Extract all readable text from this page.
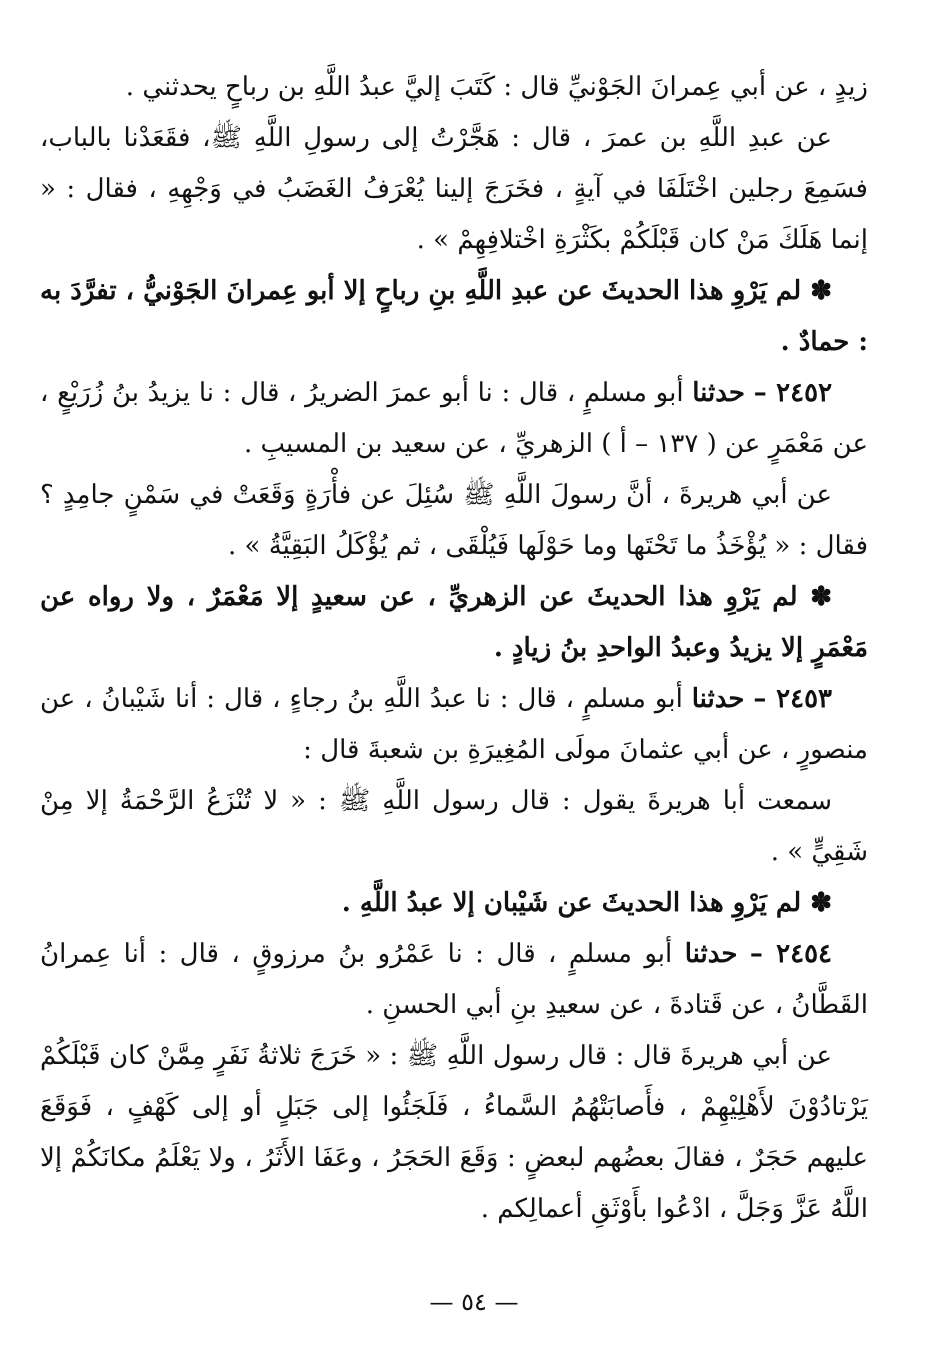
زيدٍ ، عن أبي عِمرانَ الجَوْنيِّ قال : كَتَبَ إليَّ عبدُ اللَّهِ بن رباحٍ يحدثني .

عن عبدِ اللَّهِ بن عمرَ ، قال : هَجَّرْتُ إلى رسولِ اللَّهِ ﷺ، فقَعَدْنا بالباب، فسَمِعَ رجلين اخْتَلَفَا في آيةٍ ، فخَرَجَ إلينا يُعْرَفُ الغَضَبُ في وَجْهِهِ ، فقال : « إنما هَلَكَ مَنْ كان قَبْلَكُمْ بكَثْرَةِ اخْتلافِهِمْ » .

✽ لم يَرْوِ هذا الحديثَ عن عبدِ اللَّهِ بنِ رباحٍ إلا أبو عِمرانَ الجَوْنيُّ ، تفرَّدَ به : حمادٌ .

٢٤٥٢ – حدثنا أبو مسلمٍ ، قال : نا أبو عمرَ الضريرُ ، قال : نا يزيدُ بنُ زُرَيْعٍ ، عن مَعْمَرٍ عن ( ١٣٧ – أ ) الزهريِّ ، عن سعيد بن المسيبِ .

عن أبي هريرةَ ، أنَّ رسولَ اللَّهِ ﷺ سُئِلَ عن فأْرَةٍ وَقَعَتْ في سَمْنٍ جامِدٍ ؟ فقال : « يُؤْخَذُ ما تَحْتَها وما حَوْلَها فَيُلْقَى ، ثم يُؤْكَلُ البَقِيَّةُ » .

✽ لم يَرْوِ هذا الحديثَ عن الزهريِّ ، عن سعيدٍ إلا مَعْمَرٌ ، ولا رواه عن مَعْمَرٍ إلا يزيدُ وعبدُ الواحدِ بنُ زيادٍ .

٢٤٥٣ – حدثنا أبو مسلمٍ ، قال : نا عبدُ اللَّهِ بنُ رجاءٍ ، قال : أنا شَيْبانُ ، عن منصورٍ ، عن أبي عثمانَ مولَى المُغِيرَةِ بن شعبةَ قال :

سمعت أبا هريرةَ يقول : قال رسول اللَّهِ ﷺ : « لا تُنْزَعُ الرَّحْمَةُ إلا مِنْ شَقِيٍّ » .

✽ لم يَرْوِ هذا الحديثَ عن شَيْبان إلا عبدُ اللَّهِ .

٢٤٥٤ – حدثنا أبو مسلمٍ ، قال : نا عَمْرُو بنُ مرزوقٍ ، قال : أنا عِمرانُ القَطَّانُ ، عن قَتادةَ ، عن سعيدِ بنِ أبي الحسنِ .

عن أبي هريرةَ قال : قال رسول اللَّهِ ﷺ : « خَرَجَ ثلاثةُ نَفَرٍ مِمَّنْ كان قَبْلَكُمْ يَرْتادُوْنَ لأَهْلِيْهِمْ ، فأَصابَتْهُمُ السَّماءُ ، فَلَجَئُوا إلى جَبَلٍ أو إلى كَهْفٍ ، فَوَقَعَ عليهم حَجَرٌ ، فقالَ بعضُهم لبعضٍ : وَقَعَ الحَجَرُ ، وعَفَا الأَثَرُ ، ولا يَعْلَمُ مكانَكُمْ إلا اللَّهُ عَزَّ وَجَلَّ ، ادْعُوا بأَوْثَقِ أعمالِكم .

— ٥٤ —
